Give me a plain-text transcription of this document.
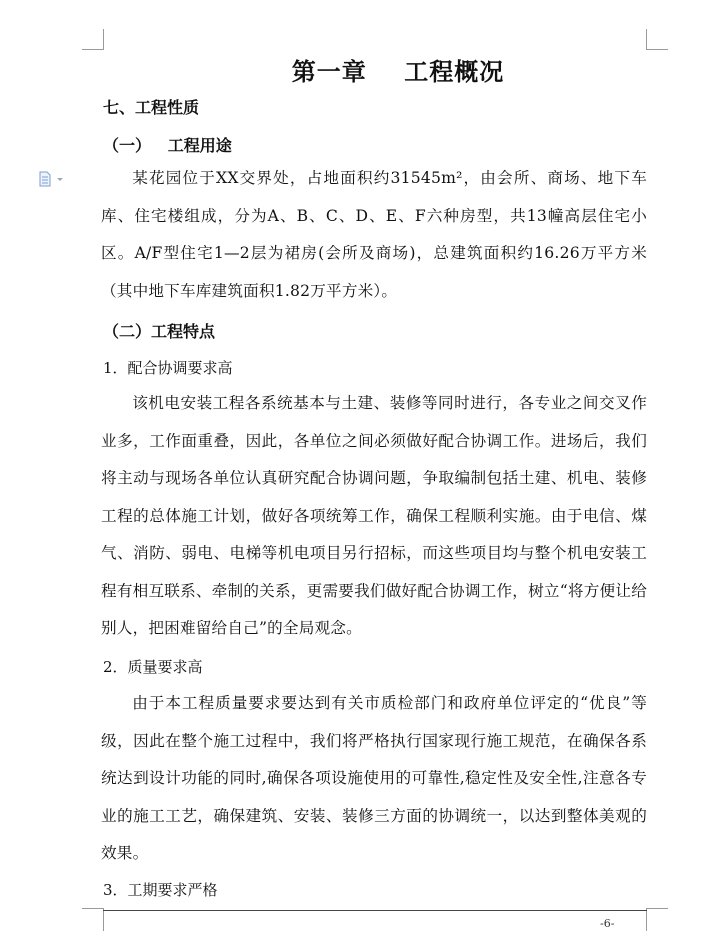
第一章    工程概况
七、工程性质
（一）   工程用途
某花园位于XX交界处，占地面积约31545m²，由会所、商场、地下车库、住宅楼组成，分为A、B、C、D、E、F六种房型，共13幢高层住宅小区。A/F型住宅1—2层为裙房(会所及商场)，总建筑面积约16.26万平方米（其中地下车库建筑面积1.82万平方米）。
（二）工程特点
1．配合协调要求高
该机电安装工程各系统基本与土建、装修等同时进行，各专业之间交叉作业多，工作面重叠，因此，各单位之间必须做好配合协调工作。进场后，我们将主动与现场各单位认真研究配合协调问题，争取编制包括土建、机电、装修工程的总体施工计划，做好各项统筹工作，确保工程顺利实施。由于电信、煤气、消防、弱电、电梯等机电项目另行招标，而这些项目均与整个机电安装工程有相互联系、牵制的关系，更需要我们做好配合协调工作，树立“将方便让给别人，把困难留给自己”的全局观念。
2．质量要求高
由于本工程质量要求要达到有关市质检部门和政府单位评定的“优良”等级，因此在整个施工过程中，我们将严格执行国家现行施工规范，在确保各系统达到设计功能的同时,确保各项设施使用的可靠性,稳定性及安全性,注意各专业的施工工艺，确保建筑、安装、装修三方面的协调统一，以达到整体美观的效果。
3．工期要求严格
-6-
